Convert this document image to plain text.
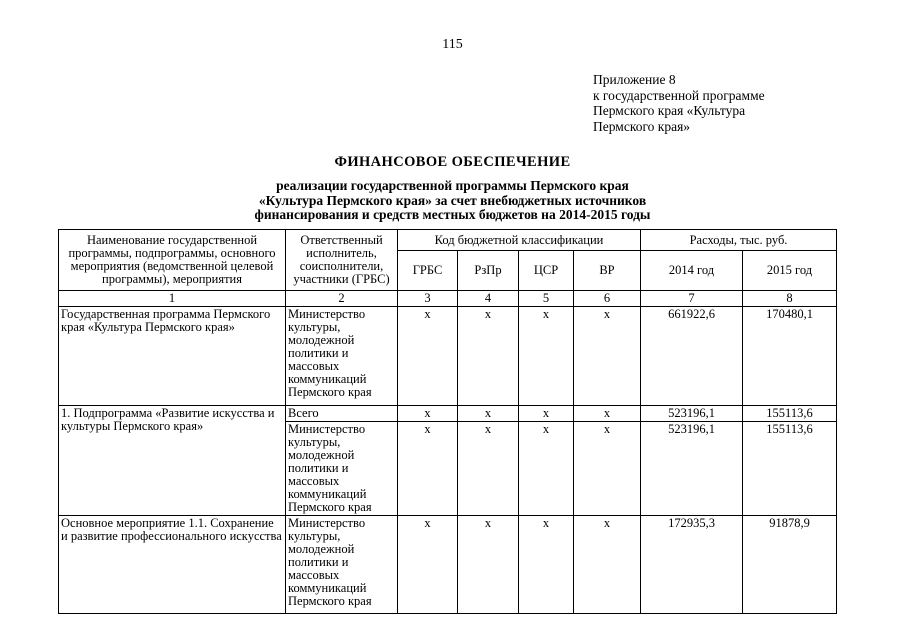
115
Приложение 8
к государственной программе
Пермского края «Культура
Пермского края»
ФИНАНСОВОЕ ОБЕСПЕЧЕНИЕ
реализации государственной программы Пермского края
«Культура Пермского края» за счет внебюджетных источников
финансирования и средств местных бюджетов на 2014-2015 годы
Наименование государственной программы, подпрограммы, основного мероприятия (ведомственной целевой программы), мероприятия	Ответственный исполнитель, соисполнители, участники (ГРБС)	Код бюджетной классификации				Расходы, тыс. руб.	
		ГРБС	РзПр	ЦСР	ВР	2014 год	2015 год
1	2	3	4	5	6	7	8
Государственная программа Пермского края «Культура Пермского края»	Министерство культуры, молодежной политики и массовых коммуникаций Пермского края	х	х	х	х	661922,6	170480,1
1. Подпрограмма «Развитие искусства и культуры Пермского края»	Всего	х	х	х	х	523196,1	155113,6
	Министерство культуры, молодежной политики и массовых коммуникаций Пермского края	х	х	х	х	523196,1	155113,6
Основное мероприятие 1.1. Сохранение и развитие профессионального искусства	Министерство культуры, молодежной политики и массовых коммуникаций Пермского края	х	х	х	х	172935,3	91878,9
